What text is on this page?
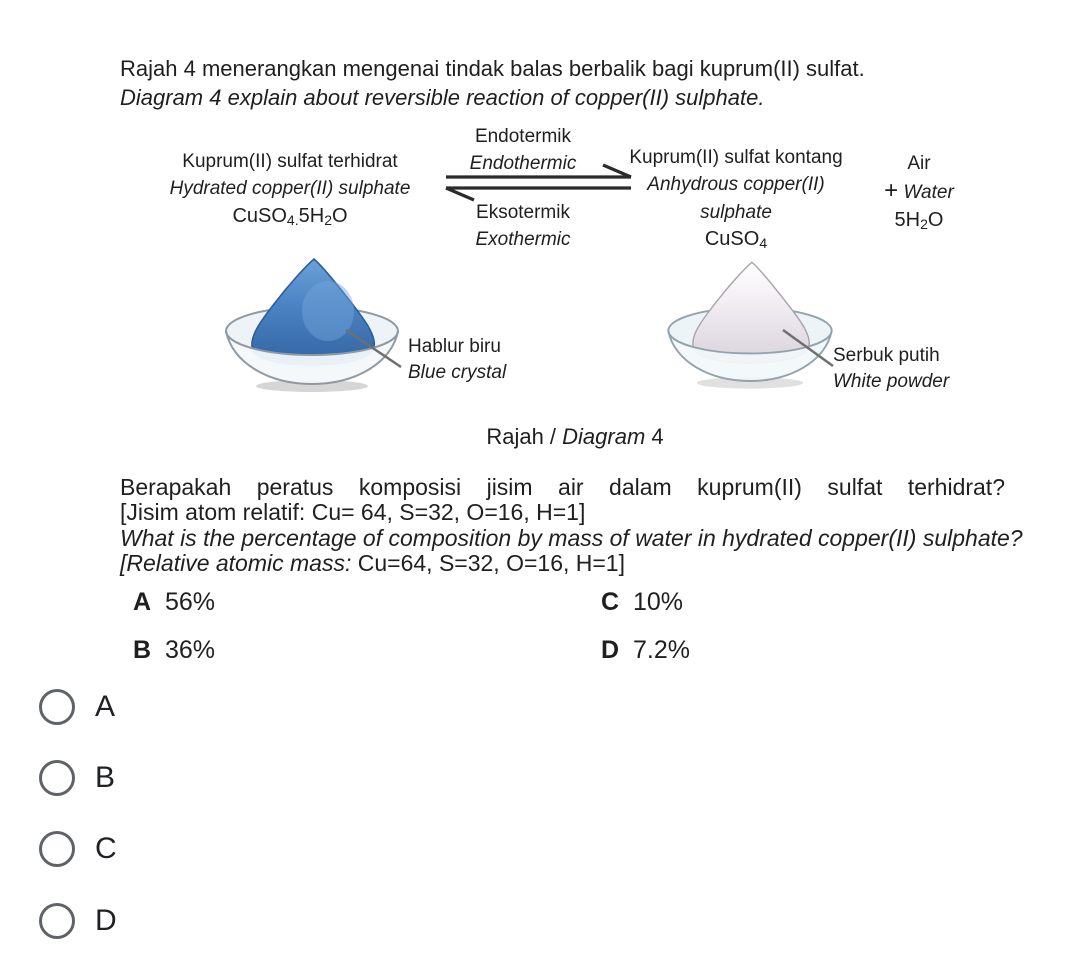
Rajah 4 menerangkan mengenai tindak balas berbalik bagi kuprum(II) sulfat.
Diagram 4 explain about reversible reaction of copper(II) sulphate.
Kuprum(II) sulfat terhidrat
Hydrated copper(II) sulphate
$CuSO_{4.}5H_2O$
Endotermik
Endothermic
Eksotermik
Exothermic
Kuprum(II) sulfat kontang
Anhydrous copper(II)
sulphate
CuSO$_4$
Air
+ Water
$5H_2O$
Hablur biru
Blue crystal
Serbuk putih
White powder
Rajah / Diagram 4
Berapakah peratus komposisi jisim air dalam kuprum(II) sulfat terhidrat?
[Jisim atom relatif: Cu= 64, S=32, O=16, H=1]
What is the percentage of composition by mass of water in hydrated copper(II) sulphate?
[Relative atomic mass: Cu=64, S=32, O=16, H=1]
A 56%	C 10%
B 36%	D 7.2%
A
B
C
D
